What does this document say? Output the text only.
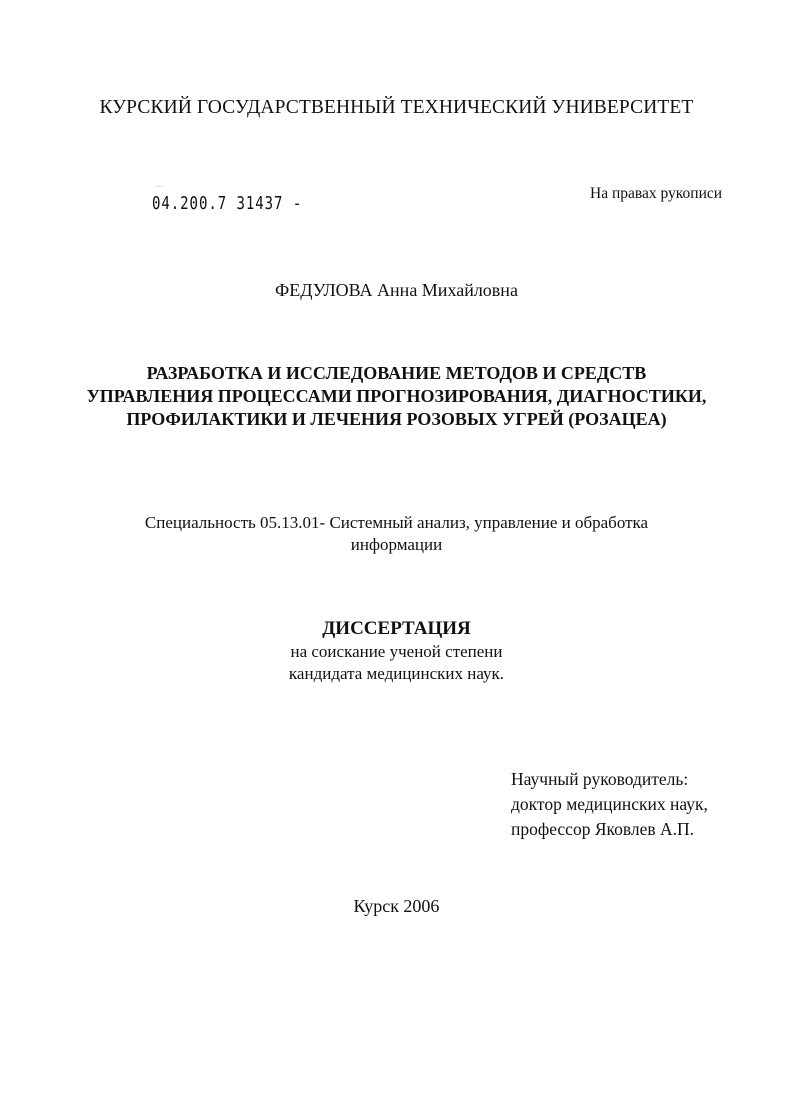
КУРСКИЙ ГОСУДАРСТВЕННЫЙ ТЕХНИЧЕСКИЙ УНИВЕРСИТЕТ
···
04.200.7 31437 -	На правах рукописи
ФЕДУЛОВА Анна Михайловна
РАЗРАБОТКА И ИССЛЕДОВАНИЕ МЕТОДОВ И СРЕДСТВ
УПРАВЛЕНИЯ ПРОЦЕССАМИ ПРОГНОЗИРОВАНИЯ, ДИАГНОСТИКИ,
ПРОФИЛАКТИКИ И ЛЕЧЕНИЯ РОЗОВЫХ УГРЕЙ (РОЗАЦЕА)
Специальность 05.13.01- Системный анализ, управление и обработка
информации
ДИССЕРТАЦИЯ
на соискание ученой степени
кандидата медицинских наук.
Научный руководитель:
доктор медицинских наук,
профессор Яковлев А.П.
Курск 2006
